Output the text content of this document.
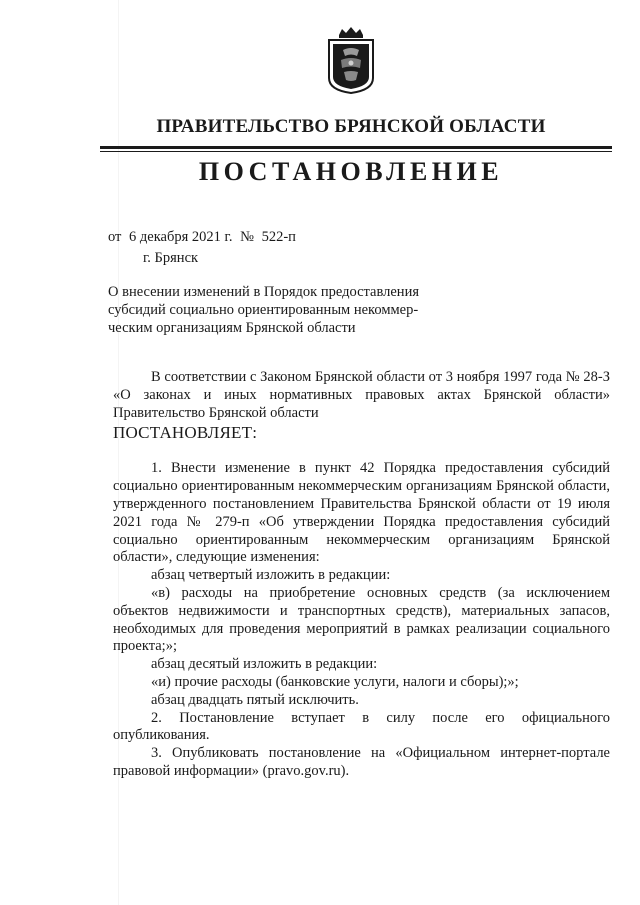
ПРАВИТЕЛЬСТВО БРЯНСКОЙ ОБЛАСТИ
ПОСТАНОВЛЕНИЕ
от 6 декабря 2021 г. № 522-п
г. Брянск
О внесении изменений в Порядок предоставления
субсидий социально ориентированным некоммер-
ческим организациям Брянской области

В соответствии с Законом Брянской области от 3 ноября 1997 года № 28-З «О законах и иных нормативных правовых актах Брянской области» Правительство Брянской области

ПОСТАНОВЛЯЕТ:

1. Внести изменение в пункт 42 Порядка предоставления субсидий социально ориентированным некоммерческим организациям Брянской области, утвержденного постановлением Правительства Брянской области от 19 июля 2021 года № 279-п «Об утверждении Порядка предоставления субсидий социально ориентированным некоммерческим организациям Брянской области», следующие изменения:

абзац четвертый изложить в редакции:

«в) расходы на приобретение основных средств (за исключением объектов недвижимости и транспортных средств), материальных запасов, необходимых для проведения мероприятий в рамках реализации социального проекта;»;

абзац десятый изложить в редакции:

«и) прочие расходы (банковские услуги, налоги и сборы);»;

абзац двадцать пятый исключить.

2. Постановление вступает в силу после его официального опубликования.

3. Опубликовать постановление на «Официальном интернет-портале правовой информации» (pravo.gov.ru).
